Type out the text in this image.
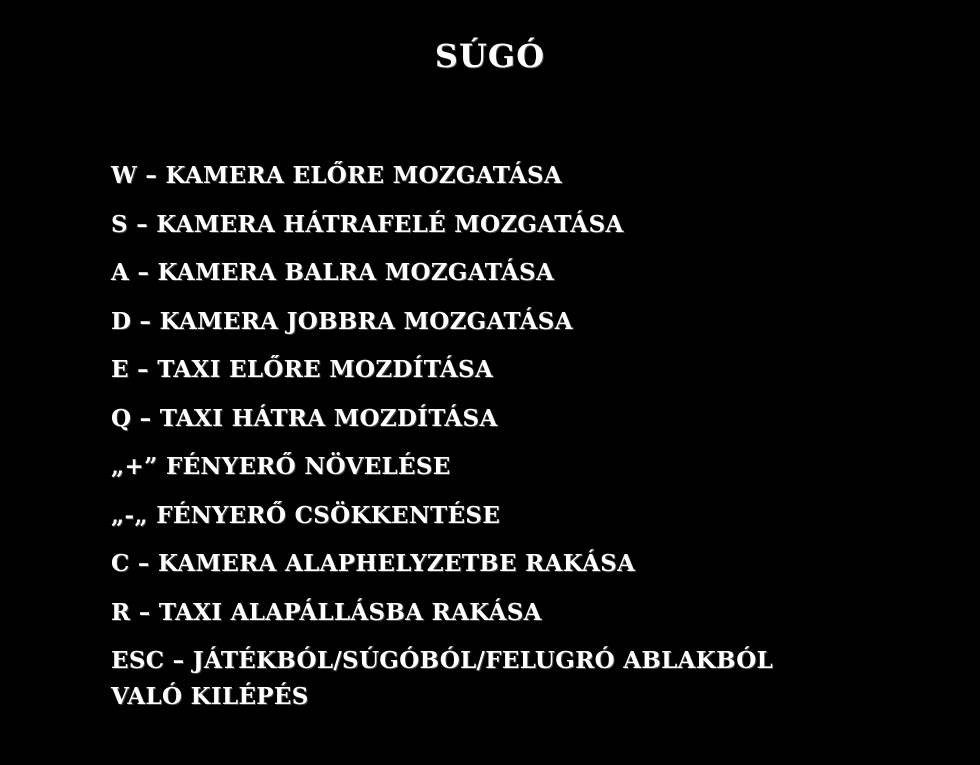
SÚGÓ
W – KAMERA ELŐRE MOZGATÁSA
S – KAMERA HÁTRAFELÉ MOZGATÁSA
A – KAMERA BALRA MOZGATÁSA
D – KAMERA JOBBRA MOZGATÁSA
E – TAXI ELŐRE MOZDÍTÁSA
Q – TAXI HÁTRA MOZDÍTÁSA
„+” FÉNYERŐ NÖVELÉSE
„-„ FÉNYERŐ CSÖKKENTÉSE
C – KAMERA ALAPHELYZETBE RAKÁSA
R – TAXI ALAPÁLLÁSBA RAKÁSA
ESC – JÁTÉKBÓL/SÚGÓBÓL/FELUGRÓ ABLAKBÓL VALÓ KILÉPÉS
